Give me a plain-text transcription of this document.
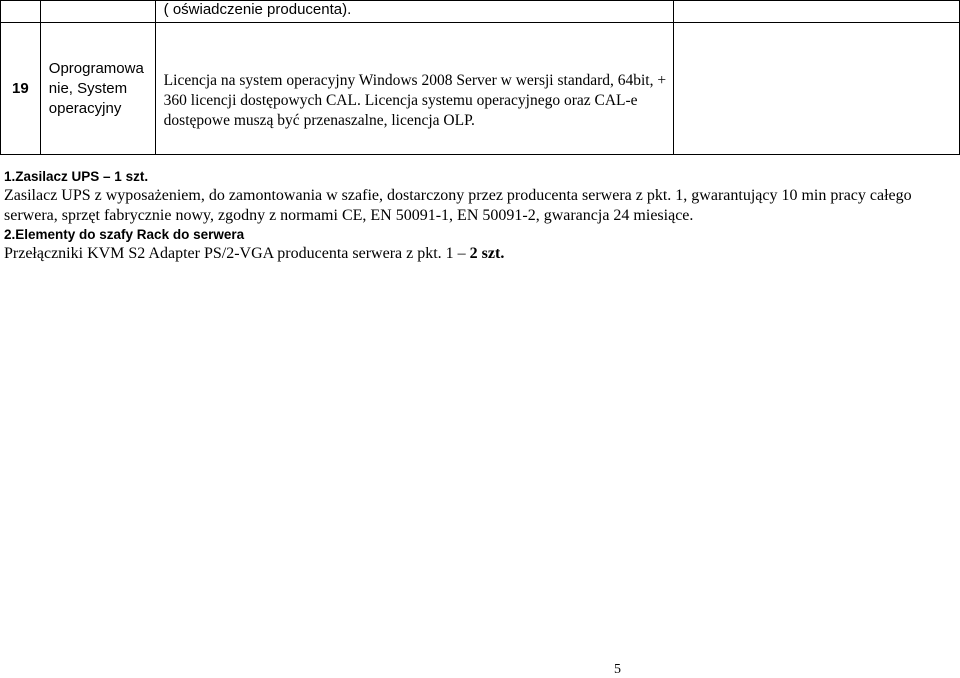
		( oświadczenie producenta).	
19	Oprogramowa nie, System operacyjny	Licencja na system operacyjny Windows 2008 Server w wersji standard, 64bit, + 360 licencji dostępowych CAL. Licencja systemu operacyjnego oraz CAL-e dostępowe muszą być przenaszalne, licencja OLP.	

1.Zasilacz UPS – 1 szt.

Zasilacz UPS z wyposażeniem, do zamontowania w szafie, dostarczony przez producenta serwera z pkt. 1, gwarantujący 10 min pracy całego serwera, sprzęt fabrycznie nowy, zgodny z normami CE, EN 50091-1, EN 50091-2, gwarancja 24 miesiące.

2.Elementy do szafy Rack do serwera

Przełączniki KVM S2 Adapter PS/2-VGA producenta serwera z pkt. 1 – 2 szt.

5
